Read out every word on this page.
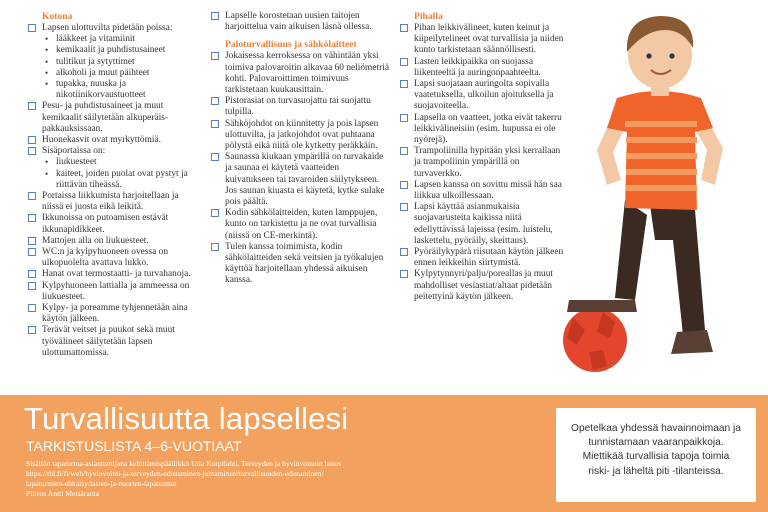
Kotona
Lapsen ulottuvilta pidetään poissa:
• lääkkeet ja vitamiinit
• kemikaalit ja puhdistusaineet
• tulitikut ja sytyttimet
• alkoholi ja muut päihteet
• tupakka, nuuska ja nikotiinikorvaustuotteet
Pesu- ja puhdistusaineet ja muut kemikaalit säilytetään alkuperäis-pakkauksissaan.
Huonekasvit ovat myrkyttömiä.
Sisäportaissa on:
• liukuesteet
• kaiteet, joiden puolat ovat pystyt ja riittävän tiheässä.
Portaissa liikkumista harjoitellaan ja niissä ei juosta eikä leikitä.
Ikkunoissa on putoamisen estävät ikkunapidikkeet.
Mattojen alla on liukuesteet.
WC:n ja kylpyhuoneen ovessa on ulkopuolelta avattava lukko.
Hanat ovat termostaatti- ja turvahanoja.
Kylpyhuoneen lattialla ja ammeessa on liukuesteet.
Kylpy- ja poreamme tyhjennetään aina käytön jälkeen.
Terävät veitset ja puukot sekä muut työvälineet säilytetään lapsen ulottumattomissa.
Lapselle korostetaan uusien taitojen harjoittelua vain aikuisen läsnä ollessa.
Paloturvallisuus ja sähkölaitteet
Jokaisessa kerroksessa on vähintään yksi toimiva palovaroitin alkavaa 60 neliömetriä kohti. Palovaroittimen toimivuus tarkistetaan kuukausittain.
Pistorasiat on turvasuojattu tai suojattu tulpilla.
Sähköjohdot on kiinnitetty ja pois lapsen ulottuvilta, ja jatkojohdot ovat puhtaana pölystä eikä niitä ole kytketty peräkkäin.
Saunassa kiukaan ympärillä on turvakaide ja saunaa ei käytetä vaatteiden kuivatukseen tai tavaroiden säilytykseen. Jos saunan kiuasta ei käytetä, kytke sulake pois päältä.
Kodin sähkölaitteiden, kuten lamppujen, kunto on tarkistettu ja ne ovat turvallisia (niissä on CE-merkintä).
Tulen kanssa toimimista, kodin sähkölaitteiden sekä veitsien ja työkalujen käyttöä harjoitellaan yhdessä aikuisen kanssa.
Pihalla
Pihan leikkivälineet, kuten keinut ja kiipeilytelineet ovat turvallisia ja niiden kunto tarkistetaan säännöllisesti.
Lasten leikkipaikka on suojassa liikenteeltä ja auringonpaahteelta.
Lapsi suojataan auringolta sopivalla vaatetuksella, ulkoilun ajoituksella ja suojavoiteella.
Lapsella on vaatteet, jotka eivät takerru leikkivälineisiin (esim. hupussa ei ole nyörejä).
Trampoliinilla hypitään yksi kerrallaan ja trampoliinin ympärillä on turvaverkko.
Lapsen kanssa on sovittu missä hän saa liikkua ulkoillessaan.
Lapsi käyttää asianmukaisia suojavarusteita kaikissa niitä edellyttävissä lajeissa (esim. luistelu, laskettelu, pyöräily, skeittaus).
Pyöräilykypärä riisutaan käytön jälkeen ennen leikkeihin siirtymistä.
Kylpytynnyri/palju/poreallas ja muut mahdolliset vesiastiat/altaat pidetään peitettyinä käytön jälkeen.
Turvallisuutta lapsellesi
TARKISTUSLISTA 4–6-VUOTIAAT
Sisällön tapaturma-asiantuntijana kehittämispäällikkö Ulla Korpilahti, Terveyden ja hyvinvoinnin laitos
https://thl.fi/fi/web/hyvinvointi-ja-terveyden-edistaminen-johtaminen/turvallisuuden-edistaminen/
tapaturmien-ehkaisy/lasten-ja-nuorten-tapaturmat
Piirros Antti Metsäranta
Opetelkaa yhdessä havainnoimaan ja
tunnistamaan vaaranpaikkoja.
Miettikää turvallisia tapoja toimia
riski- ja läheltä piti -tilanteissa.
